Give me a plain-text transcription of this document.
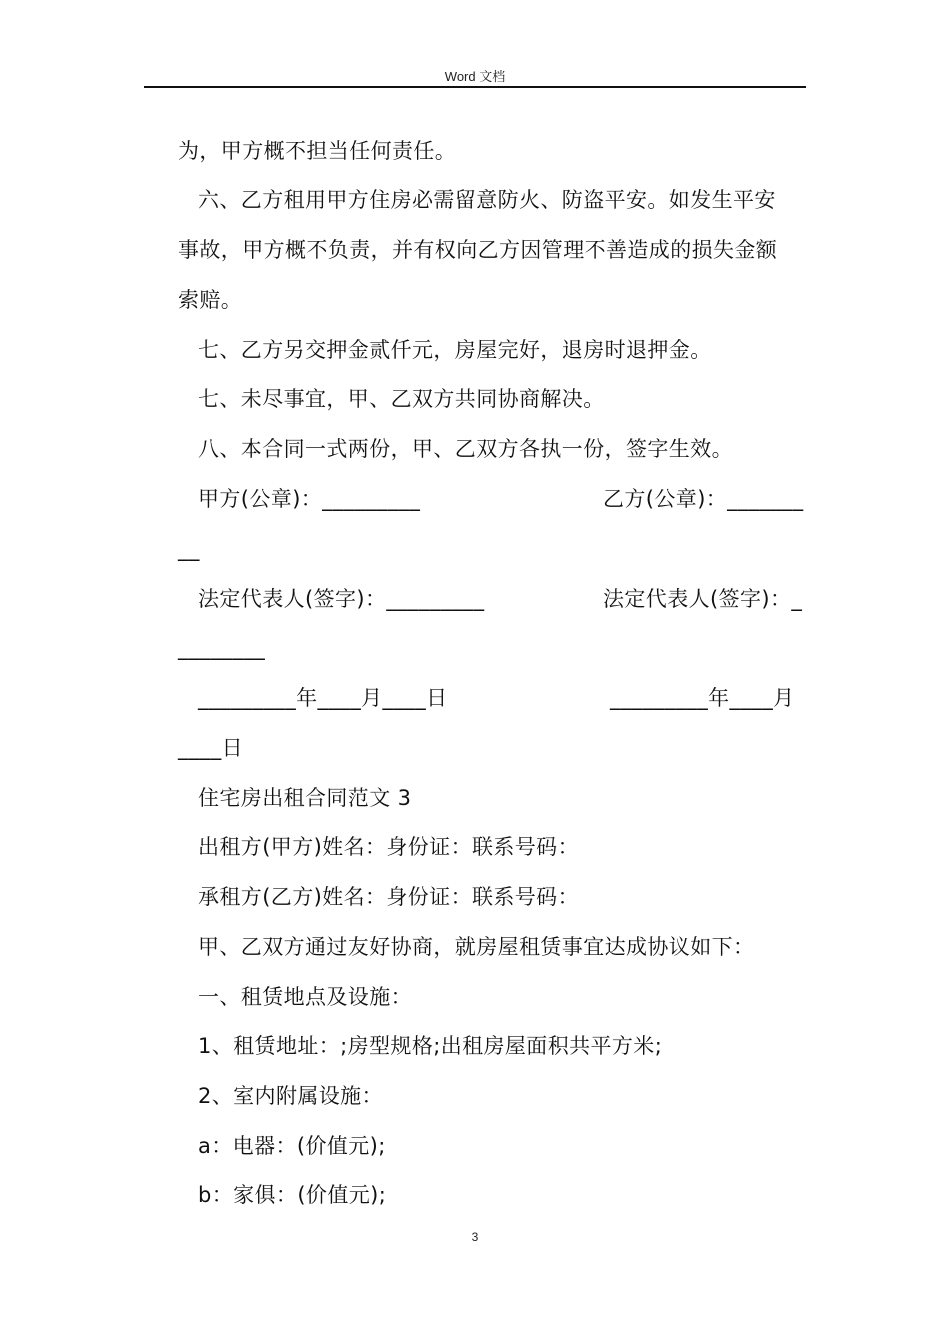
Word 文档
为，甲方概不担当任何责任。
六、乙方租用甲方住房必需留意防火、防盗平安。如发生平安
事故，甲方概不负责，并有权向乙方因管理不善造成的损失金额
索赔。
七、乙方另交押金贰仟元，房屋完好，退房时退押金。
七、未尽事宜，甲、乙双方共同协商解决。
八、本合同一式两份，甲、乙双方各执一份，签字生效。
甲方(公章)：_________	乙方(公章)：_______
__
法定代表人(签字)：_________	法定代表人(签字)：_
________
_________年____月____日	_________年____月
____日
住宅房出租合同范文 3
出租方(甲方)姓名：身份证：联系号码：
承租方(乙方)姓名：身份证：联系号码：
甲、乙双方通过友好协商，就房屋租赁事宜达成协议如下：
一、租赁地点及设施：
1、租赁地址：;房型规格;出租房屋面积共平方米;
2、室内附属设施：
a：电器：(价值元);
b：家俱：(价值元);
3
